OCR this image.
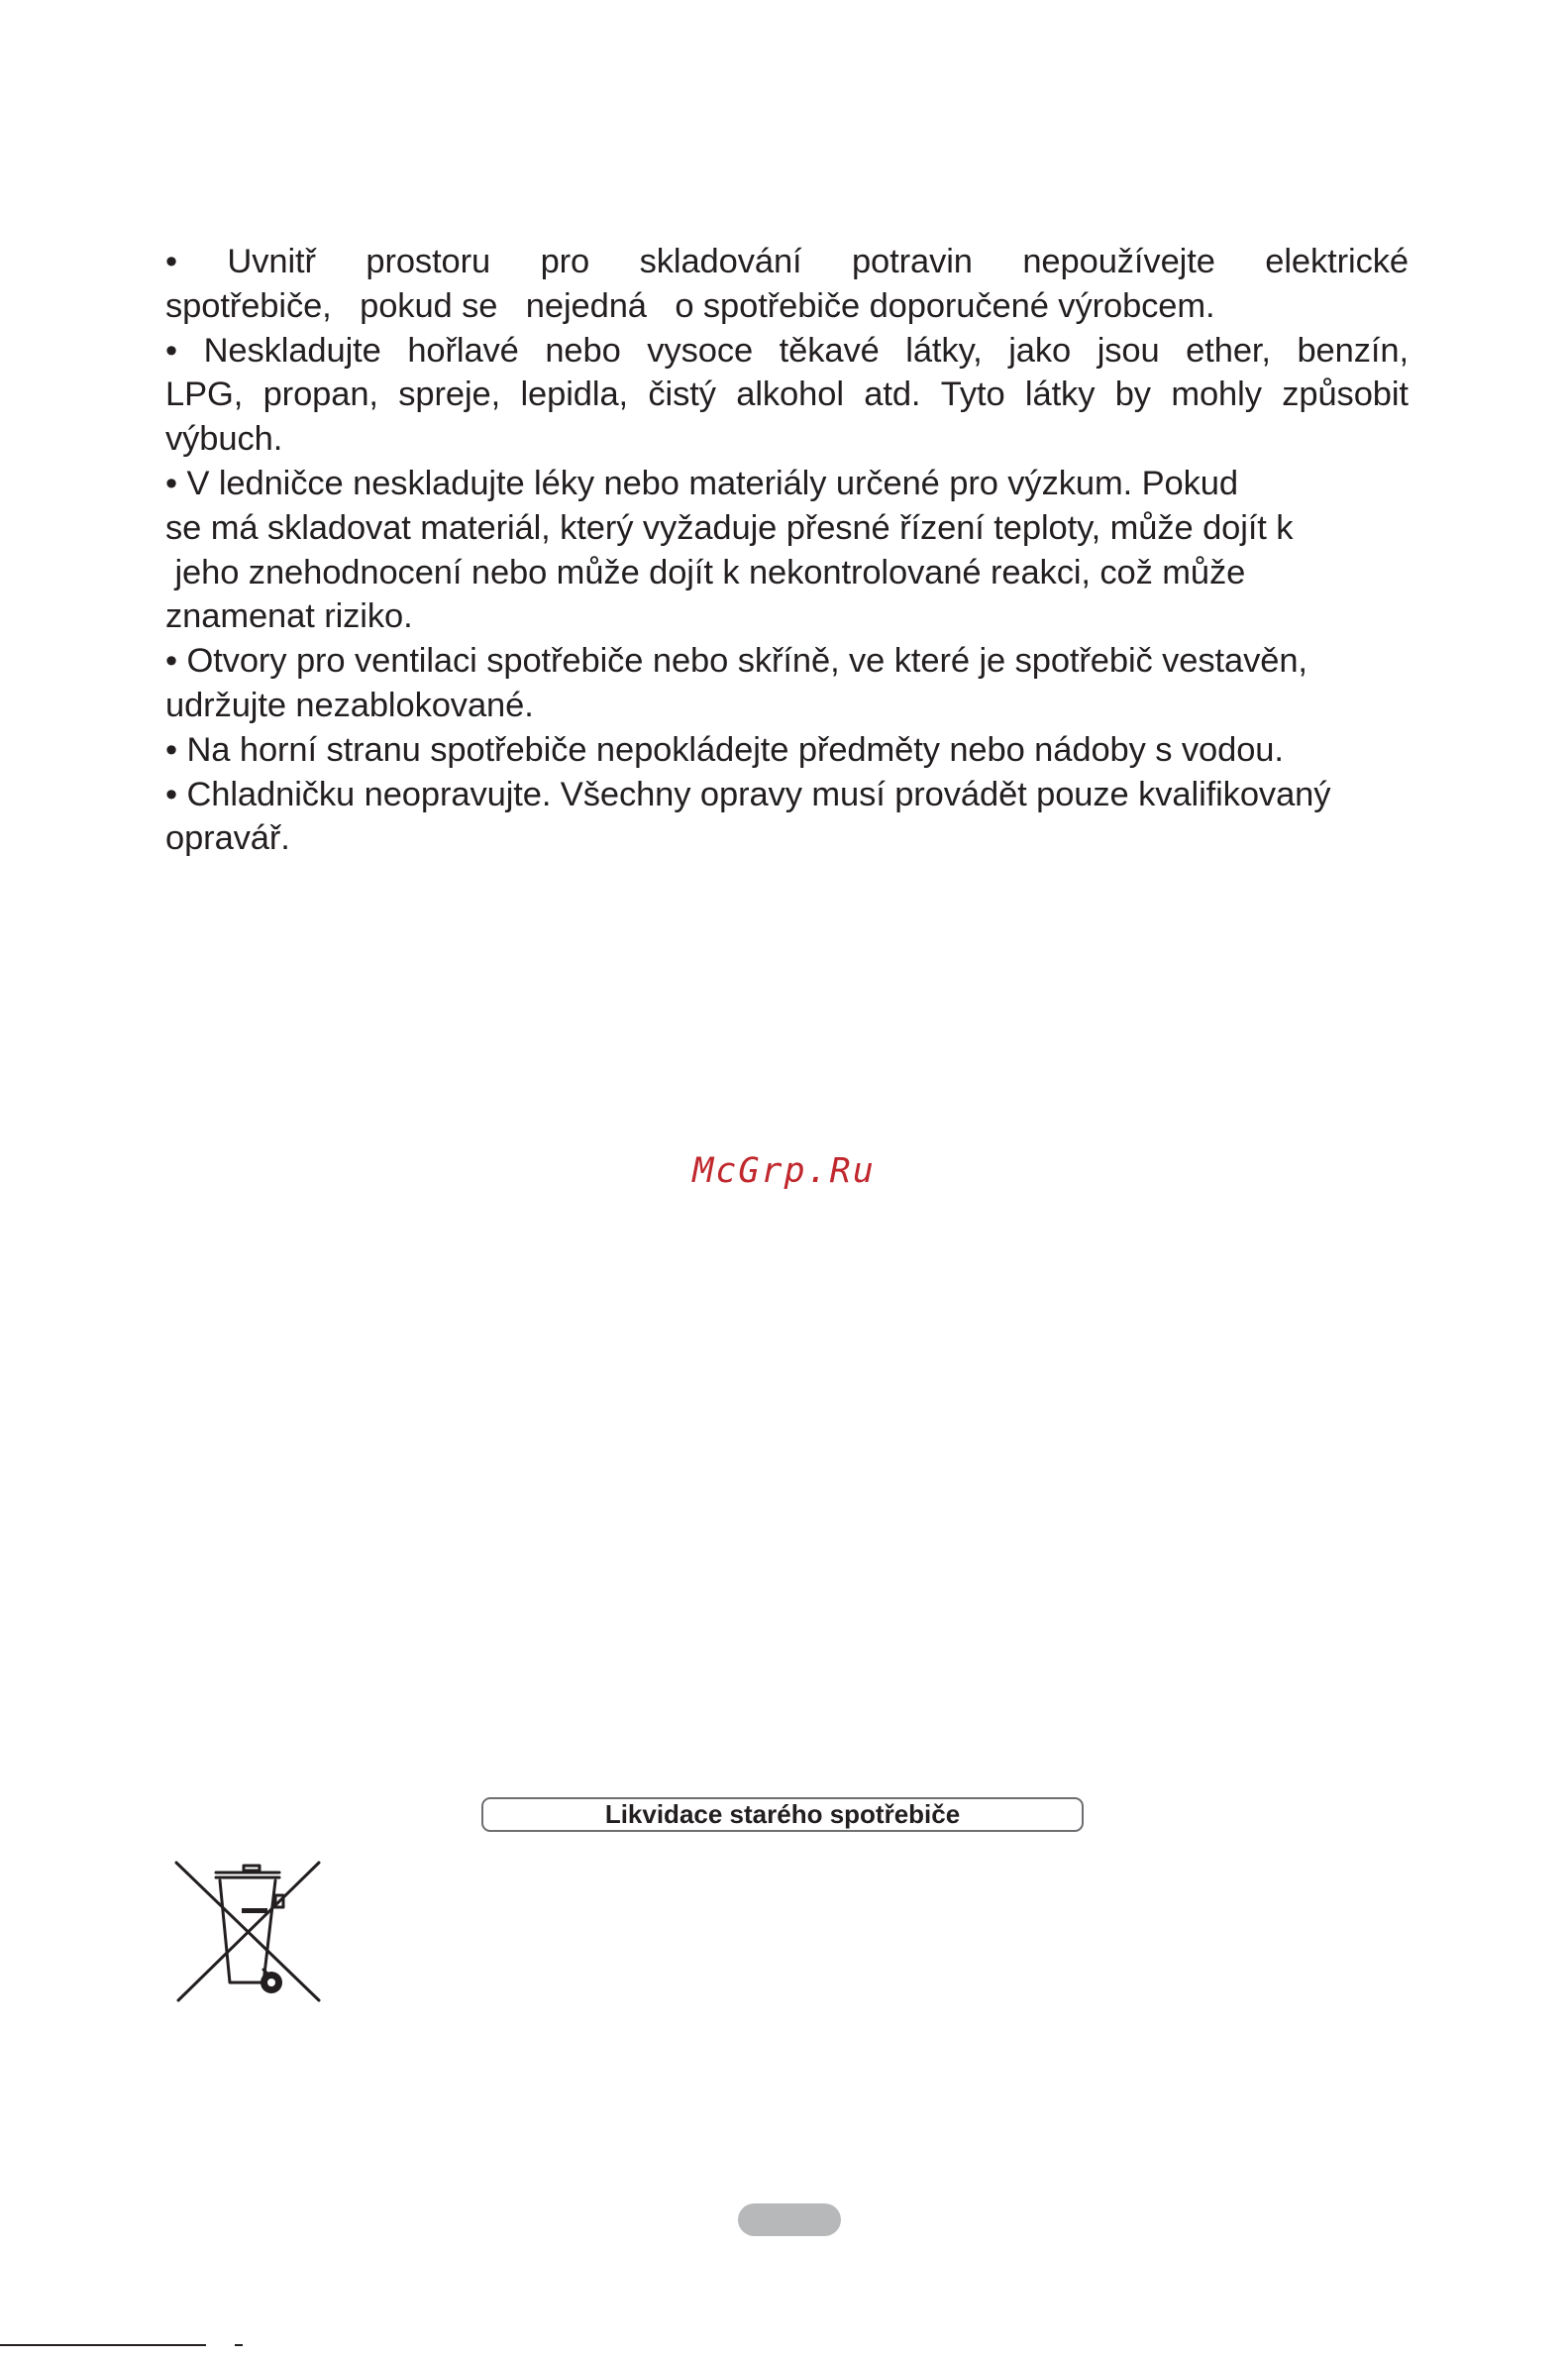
• Uvnitř prostoru pro skladování potravin nepoužívejte elektrické
spotřebiče,   pokud se   nejedná   o spotřebiče doporučené výrobcem.
• Neskladujte hořlavé nebo vysoce těkavé látky, jako jsou ether, benzín,
LPG, propan, spreje, lepidla, čistý alkohol atd. Tyto látky by mohly způsobit
výbuch.
• V ledničce neskladujte léky nebo materiály určené pro výzkum. Pokud
se má skladovat materiál, který vyžaduje přesné řízení teploty, může dojít k
jeho znehodnocení nebo může dojít k nekontrolované reakci, což může
znamenat riziko.
• Otvory pro ventilaci spotřebiče nebo skříně, ve které je spotřebič vestavěn,
udržujte nezablokované.
• Na horní stranu spotřebiče nepokládejte předměty nebo nádoby s vodou.
• Chladničku neopravujte. Všechny opravy musí provádět pouze kvalifikovaný
opravář.
McGrp.Ru
Likvidace starého spotřebiče
